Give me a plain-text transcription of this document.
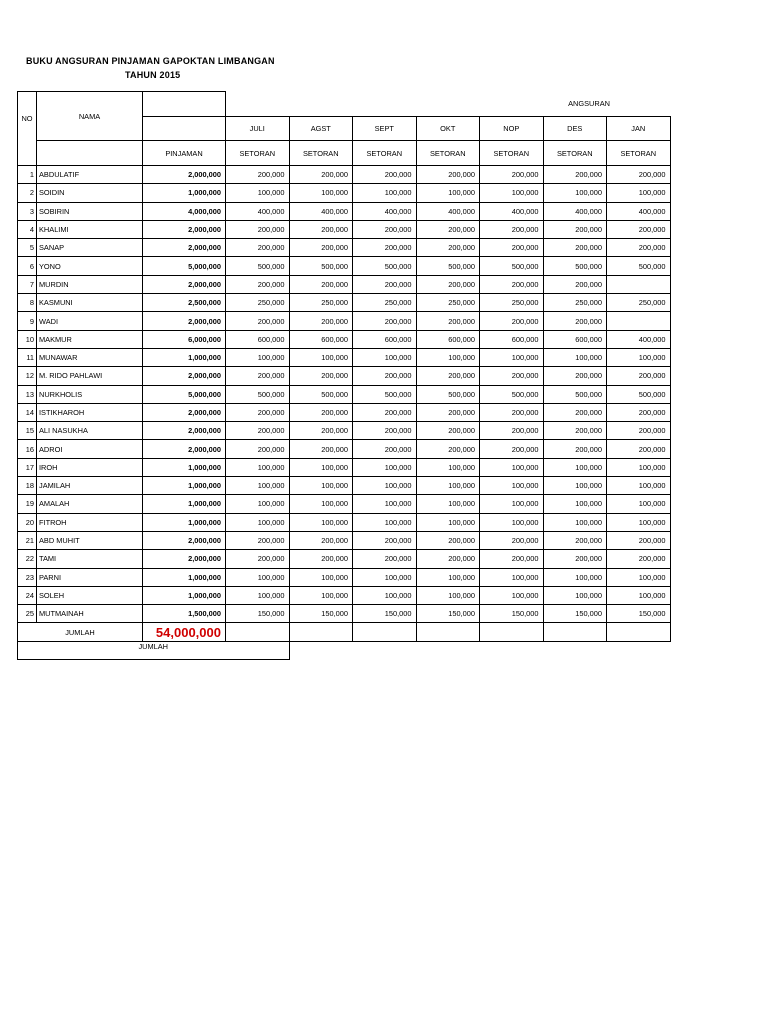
BUKU ANGSURAN PINJAMAN GAPOKTAN LIMBANGAN
TAHUN 2015
NO	NAMA		ANGSURAN						
			JULI	AGST	SEPT	OKT	NOP	DES	JAN
		PINJAMAN	SETORAN	SETORAN	SETORAN	SETORAN	SETORAN	SETORAN	SETORAN
1	ABDULATIF	2,000,000	200,000	200,000	200,000	200,000	200,000	200,000	200,000
2	SOIDIN	1,000,000	100,000	100,000	100,000	100,000	100,000	100,000	100,000
3	SOBIRIN	4,000,000	400,000	400,000	400,000	400,000	400,000	400,000	400,000
4	KHALIMI	2,000,000	200,000	200,000	200,000	200,000	200,000	200,000	200,000
5	SANAP	2,000,000	200,000	200,000	200,000	200,000	200,000	200,000	200,000
6	YONO	5,000,000	500,000	500,000	500,000	500,000	500,000	500,000	500,000
7	MURDIN	2,000,000	200,000	200,000	200,000	200,000	200,000	200,000	
8	KASMUNI	2,500,000	250,000	250,000	250,000	250,000	250,000	250,000	250,000
9	WADI	2,000,000	200,000	200,000	200,000	200,000	200,000	200,000	
10	MAKMUR	6,000,000	600,000	600,000	600,000	600,000	600,000	600,000	400,000
11	MUNAWAR	1,000,000	100,000	100,000	100,000	100,000	100,000	100,000	100,000
12	M. RIDO PAHLAWI	2,000,000	200,000	200,000	200,000	200,000	200,000	200,000	200,000
13	NURKHOLIS	5,000,000	500,000	500,000	500,000	500,000	500,000	500,000	500,000
14	ISTIKHAROH	2,000,000	200,000	200,000	200,000	200,000	200,000	200,000	200,000
15	ALI NASUKHA	2,000,000	200,000	200,000	200,000	200,000	200,000	200,000	200,000
16	ADROI	2,000,000	200,000	200,000	200,000	200,000	200,000	200,000	200,000
17	IROH	1,000,000	100,000	100,000	100,000	100,000	100,000	100,000	100,000
18	JAMILAH	1,000,000	100,000	100,000	100,000	100,000	100,000	100,000	100,000
19	AMALAH	1,000,000	100,000	100,000	100,000	100,000	100,000	100,000	100,000
20	FITROH	1,000,000	100,000	100,000	100,000	100,000	100,000	100,000	100,000
21	ABD MUHIT	2,000,000	200,000	200,000	200,000	200,000	200,000	200,000	200,000
22	TAMI	2,000,000	200,000	200,000	200,000	200,000	200,000	200,000	200,000
23	PARNI	1,000,000	100,000	100,000	100,000	100,000	100,000	100,000	100,000
24	SOLEH	1,000,000	100,000	100,000	100,000	100,000	100,000	100,000	100,000
25	MUTMAINAH	1,500,000	150,000	150,000	150,000	150,000	150,000	150,000	150,000
JUMLAH		54,000,000							
JUMLAH									
